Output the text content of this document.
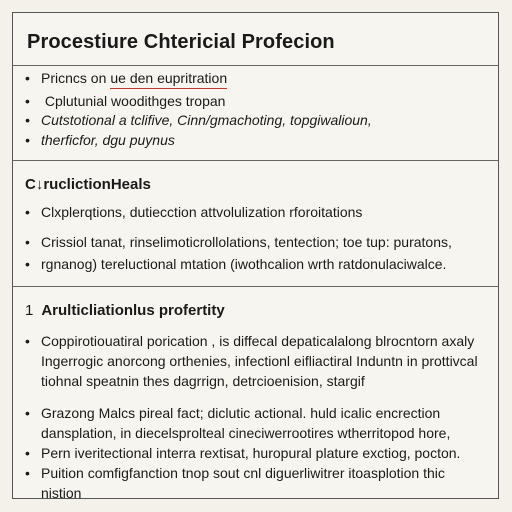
Procestiure Chtericial Profecion
• Pricncs on ue den eupritration
• Cplutunial woodithges tropan
• Cutstotional a tclifive, Cinn/gmachoting, topgiwalioun,
• therficfor, dgu puynus
C↓ruclictionHeals
• Clxplerqtions, dutiecction attvolulization rforoitations
• Crissiol tanat, rinselimoticrollolations, tentection; toe tup: puratons,
• rgnanog) tereluctional mtation (iwothcalion wrth ratdonulaciwalce.
1 Arulticliationlus profertity
• Coppirotiouatiral porication , is diffecal depaticalalong blrocntorn axaly Ingerrogic anorcong orthenies, infectionl eifliactiral Induntn in prottivcal tiohnal speatnin thes dagrrign, detrcioenision, stargif
• Grazong Malcs pireal fact; diclutic actional. huld icalic encrection dansplation, in diecelsprolteal cineciwerrootires wtherritopod hore,
• Pern iveritectional interra rextisat, huropural plature exctiog, pocton.
• Puition comfigfanction tnop sout cnl diguerliwitrer itoasplotion thic nistion
